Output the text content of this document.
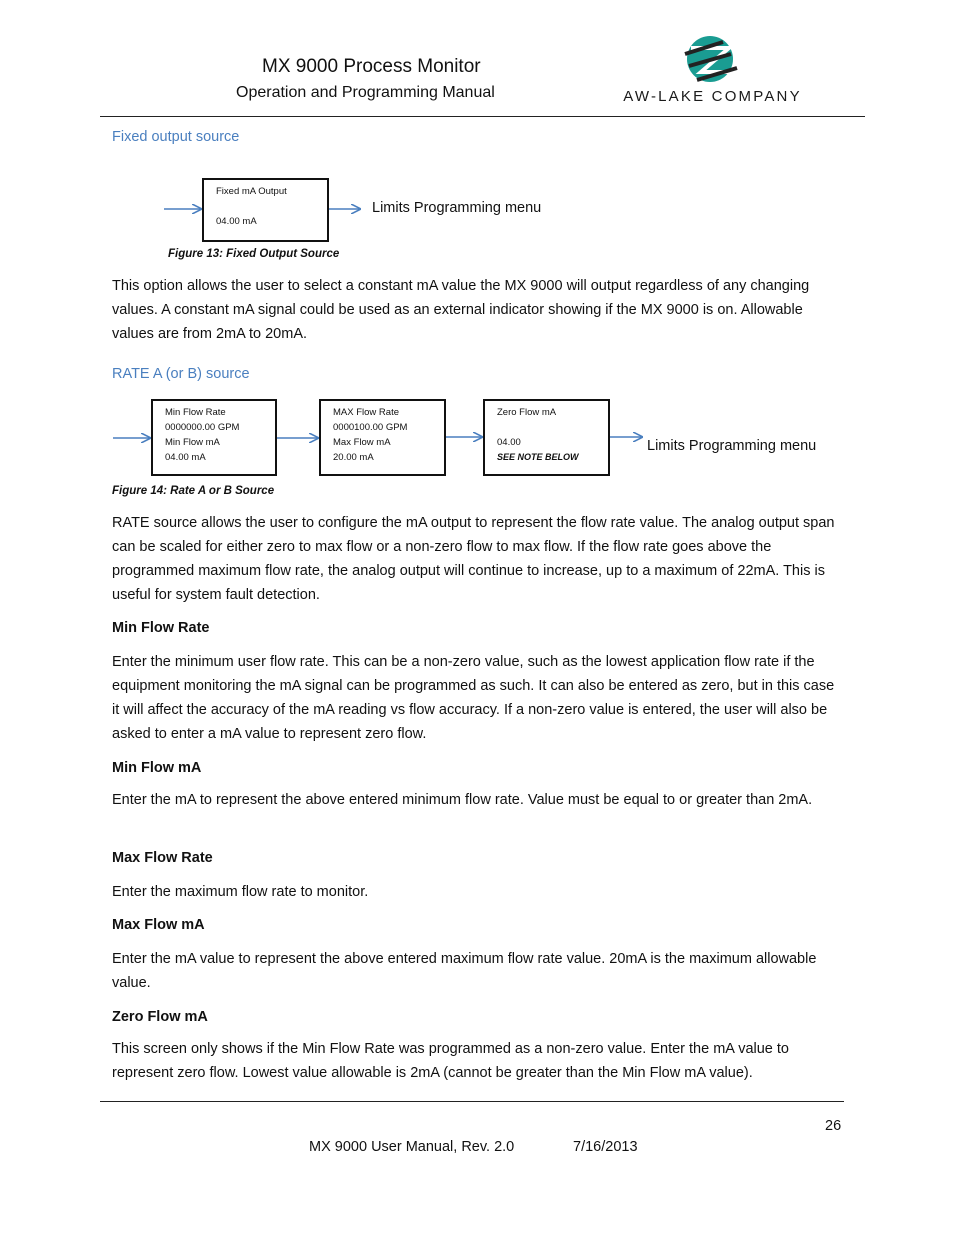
MX 9000 Process Monitor
Operation and Programming Manual	AW-LAKE COMPANY
Fixed output source
Fixed mA Output
04.00 mA
Limits Programming menu
Figure 13: Fixed Output Source
This option allows the user to select a constant mA value the MX 9000 will output regardless of any changing values. A constant mA signal could be used as an external indicator showing if the MX 9000 is on. Allowable values are from 2mA to 20mA.
RATE A (or B) source
Min Flow Rate
0000000.00 GPM
Min Flow mA
04.00 mA
MAX Flow Rate
0000100.00 GPM
Max Flow mA
20.00 mA
Zero Flow mA
04.00
SEE NOTE BELOW
Limits Programming menu
Figure 14: Rate A or B Source
RATE source allows the user to configure the mA output to represent the flow rate value. The analog output span can be scaled for either zero to max flow or a non-zero flow to max flow. If the flow rate goes above the programmed maximum flow rate, the analog output will continue to increase, up to a maximum of 22mA. This is useful for system fault detection.
Min Flow Rate
Enter the minimum user flow rate. This can be a non-zero value, such as the lowest application flow rate if the equipment monitoring the mA signal can be programmed as such. It can also be entered as zero, but in this case it will affect the accuracy of the mA reading vs flow accuracy. If a non-zero value is entered, the user will also be asked to enter a mA value to represent zero flow.
Min Flow mA
Enter the mA to represent the above entered minimum flow rate. Value must be equal to or greater than 2mA.
Max Flow Rate
Enter the maximum flow rate to monitor.
Max Flow mA
Enter the mA value to represent the above entered maximum flow rate value. 20mA is the maximum allowable value.
Zero Flow mA
This screen only shows if the Min Flow Rate was programmed as a non-zero value. Enter the mA value to represent zero flow. Lowest value allowable is 2mA (cannot be greater than the Min Flow mA value).
26
MX 9000 User Manual, Rev. 2.0	7/16/2013
